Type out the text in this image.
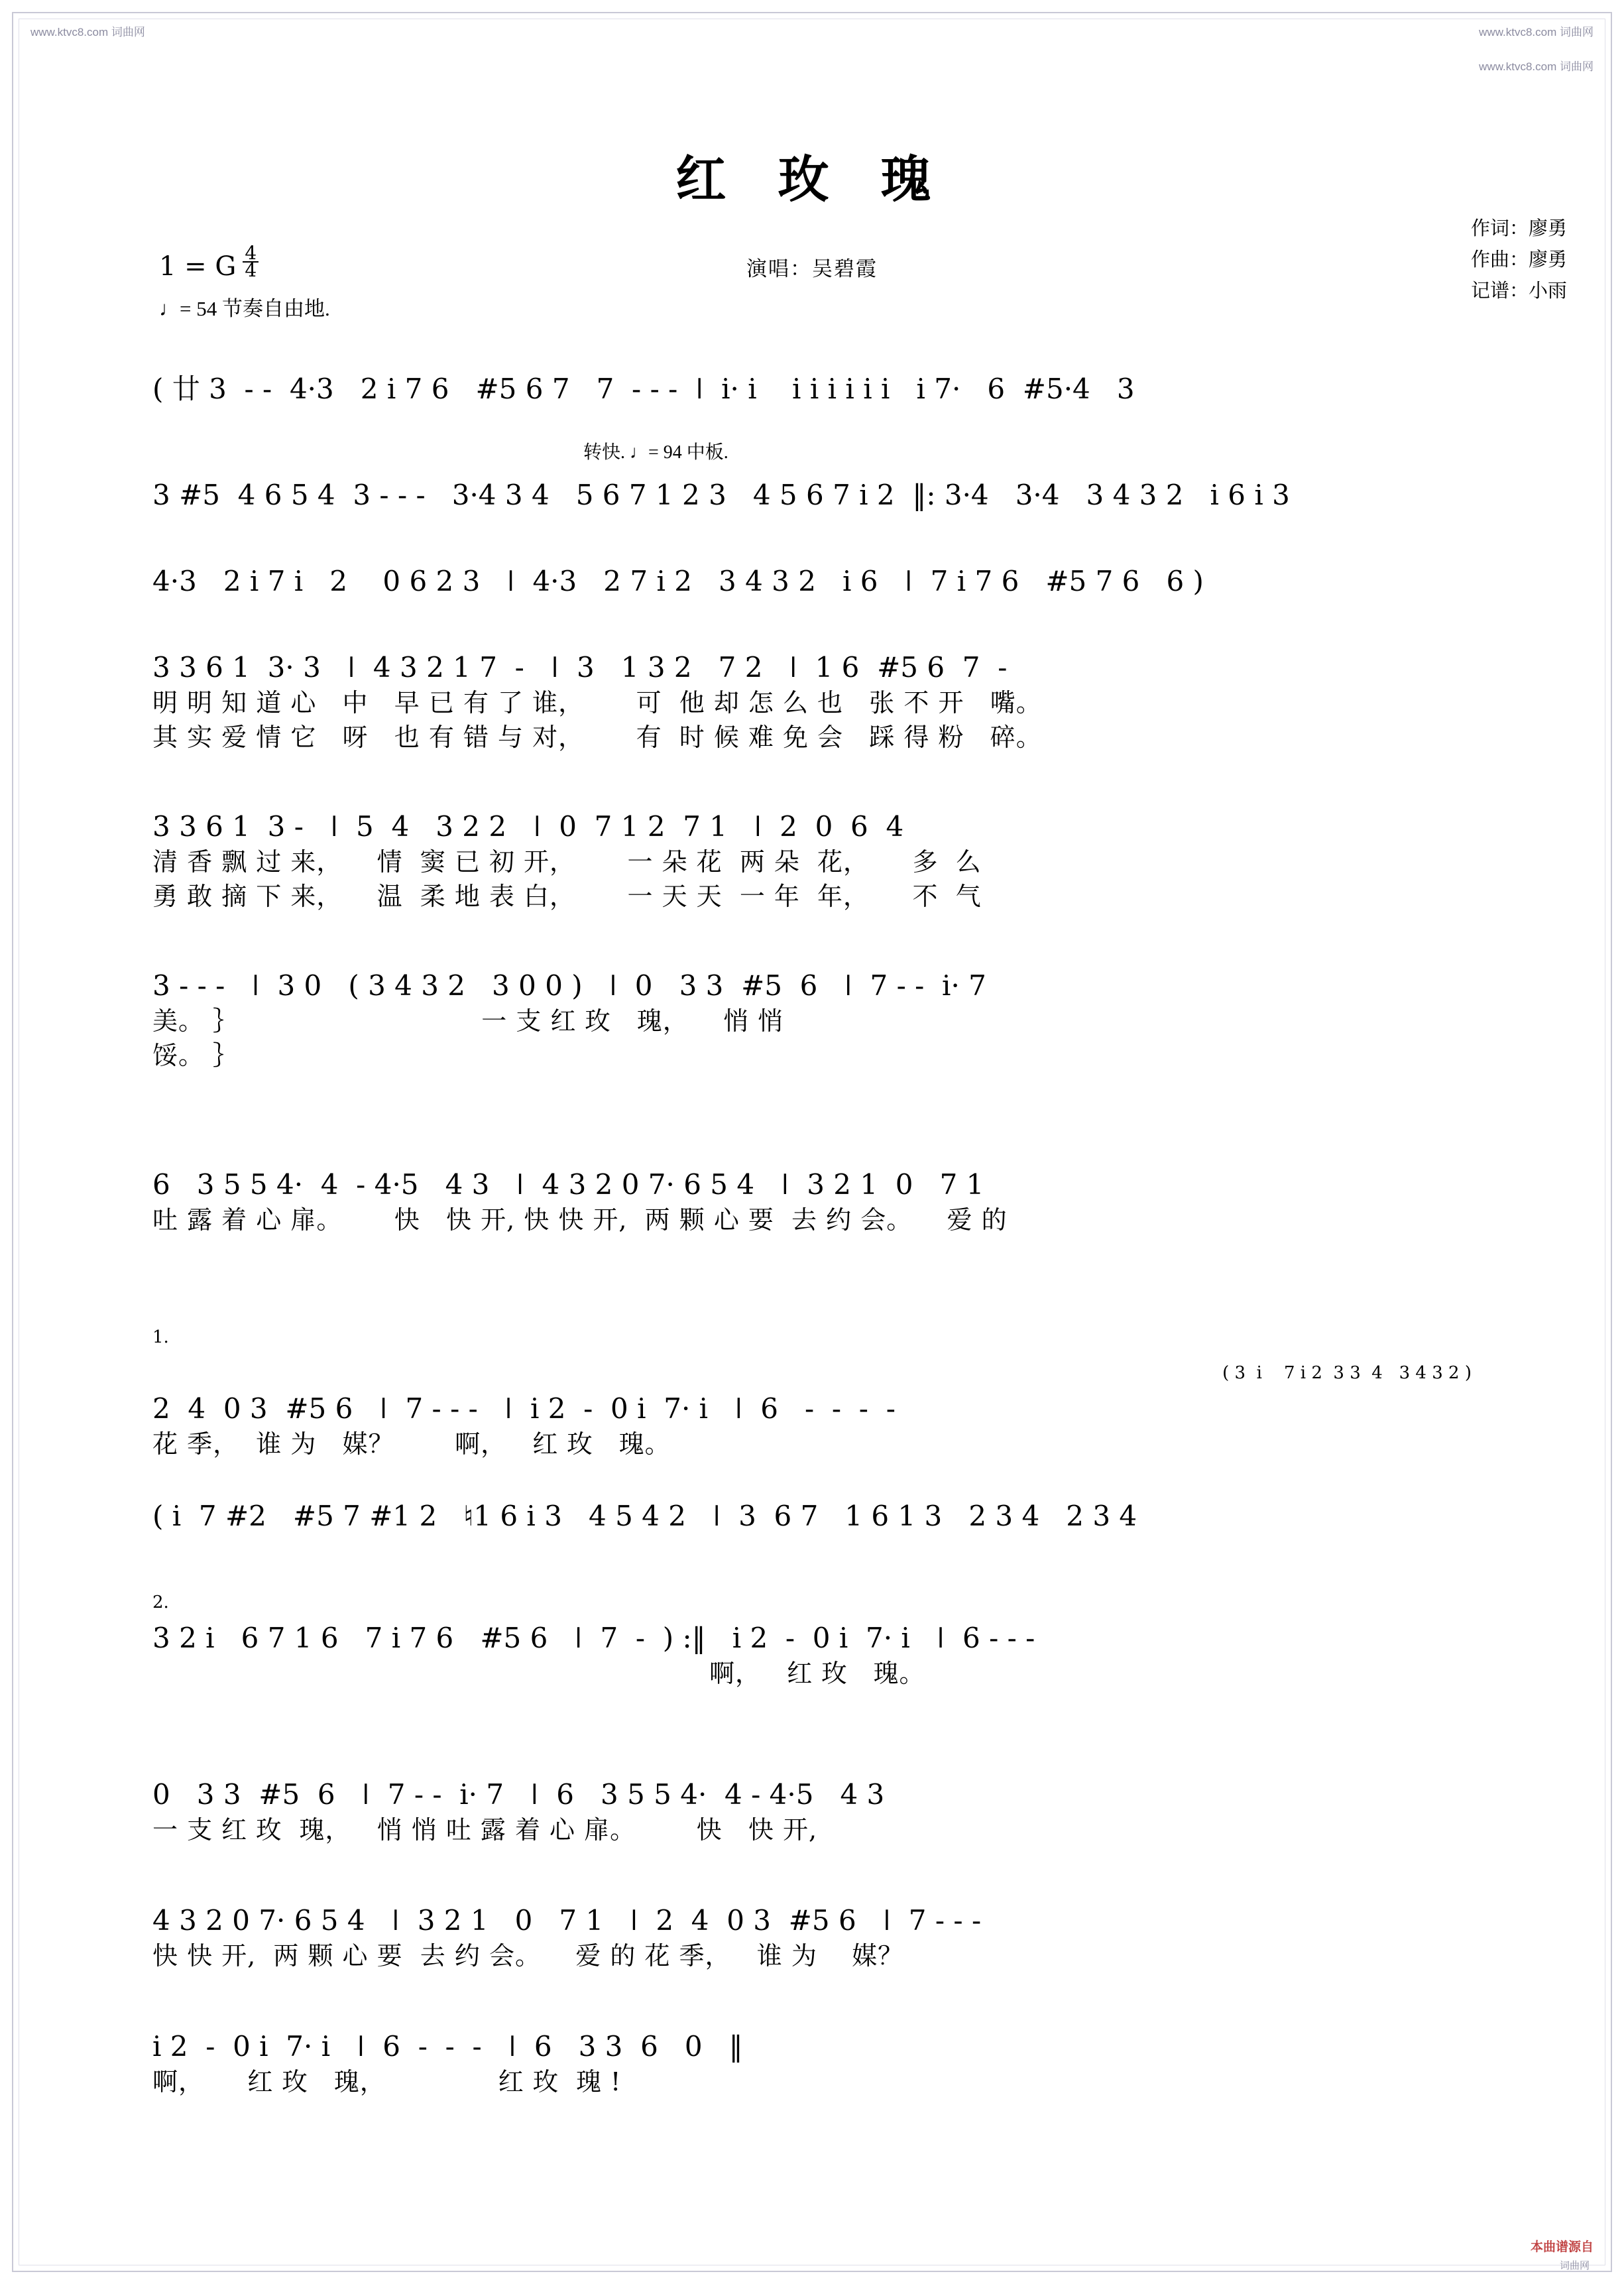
www.ktvc8.com 词曲网	www.ktvc8.com 词曲网
www.ktvc8.com 词曲网
本曲谱源自
词曲网
红 玫 瑰
演唱：吴碧霞
作词：廖勇
作曲：廖勇
记谱：小雨
1 = G $\frac{4}{4}$
♩= 54 节奏自由地.
转快. ♩= 94 中板.
( 廿 3  - -  4·3   2 i 7 6   #5 6 7   7  - - -  ǀ  i· i    i i i i i i   i 7·   6  #5·4   3
3 #5  4 6 5 4  3 - - -   3·4 3 4   5 6 7 1 2 3   4 5 6 7 i 2  ‖: 3·4   3·4   3 4 3 2   i 6 i 3
4·3   2 i 7 i   2    0 6 2 3   ǀ  4·3   2 7 i 2   3 4 3 2   i 6   ǀ  7 i 7 6   #5 7 6   6 )
3 3 6 1  3· 3   ǀ  4 3 2 1 7  -   ǀ  3   1 3 2   7 2   ǀ  1 6  #5 6  7  -
明 明 知 道 心   中   早 已 有 了 谁，      可  他 却 怎 么 也   张 不 开   嘴。
其 实 爱 情 它   呀   也 有 错 与 对，      有  时 候 难 免 会   踩 得 粉   碎。
3 3 6 1  3 -   ǀ  5  4   3 2 2   ǀ  0  7 1 2  7 1   ǀ  2  0  6  4
清 香 飘 过 来，    情  窦 已 初 开，      一 朵 花  两 朵  花，     多  么
勇 敢 摘 下 来，    温  柔 地 表 白，      一 天 天  一 年  年，     不  气
3 - - -   ǀ  3 0   ( 3 4 3 2   3 0 0 )   ǀ  0   3 3  #5  6   ǀ  7 - -  i· 7
美。 ｝                            一 支 红 玫   瑰，    悄 悄
馁。 ｝
6   3 5 5 4·  4  - 4·5   4 3   ǀ  4 3 2 0 7· 6 5 4   ǀ  3 2 1  0   7 1
吐 露 着 心 扉。      快   快 开, 快 快 开,  两 颗 心 要  去 约 会。    爱 的
1.
( 3  i    7 i 2  3 3  4   3 4 3 2 )
2  4  0 3  #5 6   ǀ  7 - - -   ǀ  i 2  -  0 i  7· i   ǀ  6   -  -  -  -
花 季，  谁 为   媒？       啊，   红 玫   瑰。
( i  7 #2   #5 7 #1 2   ♮1 6 i 3   4 5 4 2   ǀ  3  6 7   1 6 1 3   2 3 4   2 3 4
2.
3 2 i   6 7 1 6   7 i 7 6   #5 6   ǀ  7  -  ) :‖   i 2  -  0 i  7· i   ǀ  6 - - -
啊，   红 玫   瑰。
0   3 3  #5  6   ǀ  7 - -  i· 7   ǀ  6   3 5 5 4·  4 - 4·5   4 3
一 支 红 玫  瑰，   悄 悄 吐 露 着 心 扉。       快   快 开,
4 3 2 0 7· 6 5 4   ǀ  3 2 1   0   7 1   ǀ  2  4  0 3  #5 6   ǀ  7 - - -
快 快 开,  两 颗 心 要  去 约 会。    爱 的 花 季，   谁 为    媒？
i 2  -  0 i  7· i   ǀ  6  -  -  -   ǀ  6   3 3  6   0   ‖
啊，     红 玫   瑰，             红 玫  瑰 !
